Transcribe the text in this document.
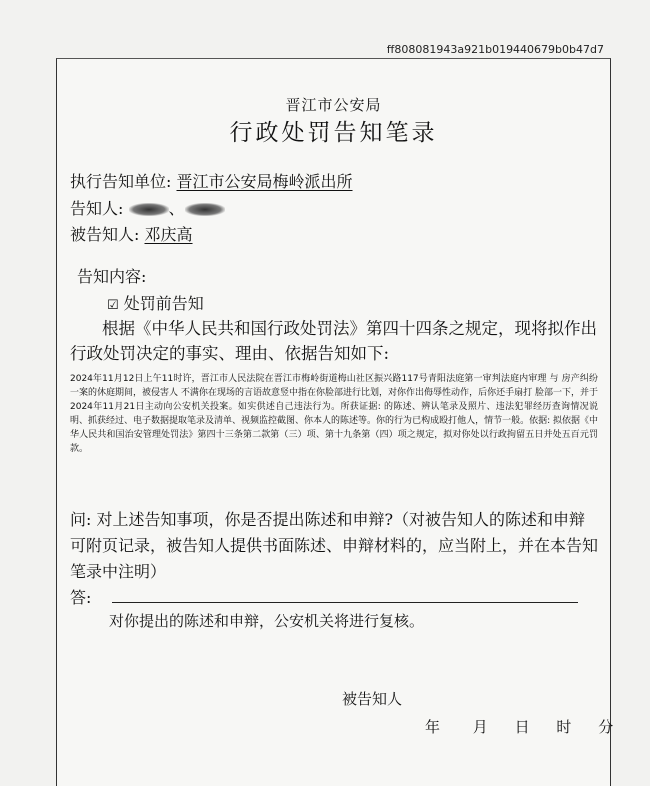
ff808081943a921b019440679b0b47d7
晋江市公安局
行政处罚告知笔录
执行告知单位: 晋江市公安局梅岭派出所
告知人:	、
被告知人: 邓庆高
告知内容:
☑ 处罚前告知
根据《中华人民共和国行政处罚法》第四十四条之规定，现将拟作出行政处罚决定的事实、理由、依据告知如下:
2024年11月12日上午11时许，晋江市人民法院在晋江市梅岭街道梅山社区振兴路117号青阳法庭第一审判法庭内审理 与 房产纠纷一案的休庭期间，被侵害人 不满你在现场的言语故意竖中指在你脸部进行比划，对你作出侮辱性动作，后你还手扇打 脸部一下，并于2024年11月21日主动向公安机关投案。如实供述自己违法行为。所获证据: 的陈述、辨认笔录及照片、违法犯罪经历查询情况说明、抓获经过、电子数据提取笔录及清单、视频监控截图、你本人的陈述等。你的行为已构成殴打他人，情节一般。依据: 拟依据《中华人民共和国治安管理处罚法》第四十三条第二款第（三）项、第十九条第（四）项之规定，拟对你处以行政拘留五日并处五百元罚款。
问: 对上述告知事项，你是否提出陈述和申辩?（对被告知人的陈述和申辩可附页记录，被告知人提供书面陈述、申辩材料的，应当附上，并在本告知笔录中注明）
答:
对你提出的陈述和申辩，公安机关将进行复核。
被告知人
年 月 日 时 分
